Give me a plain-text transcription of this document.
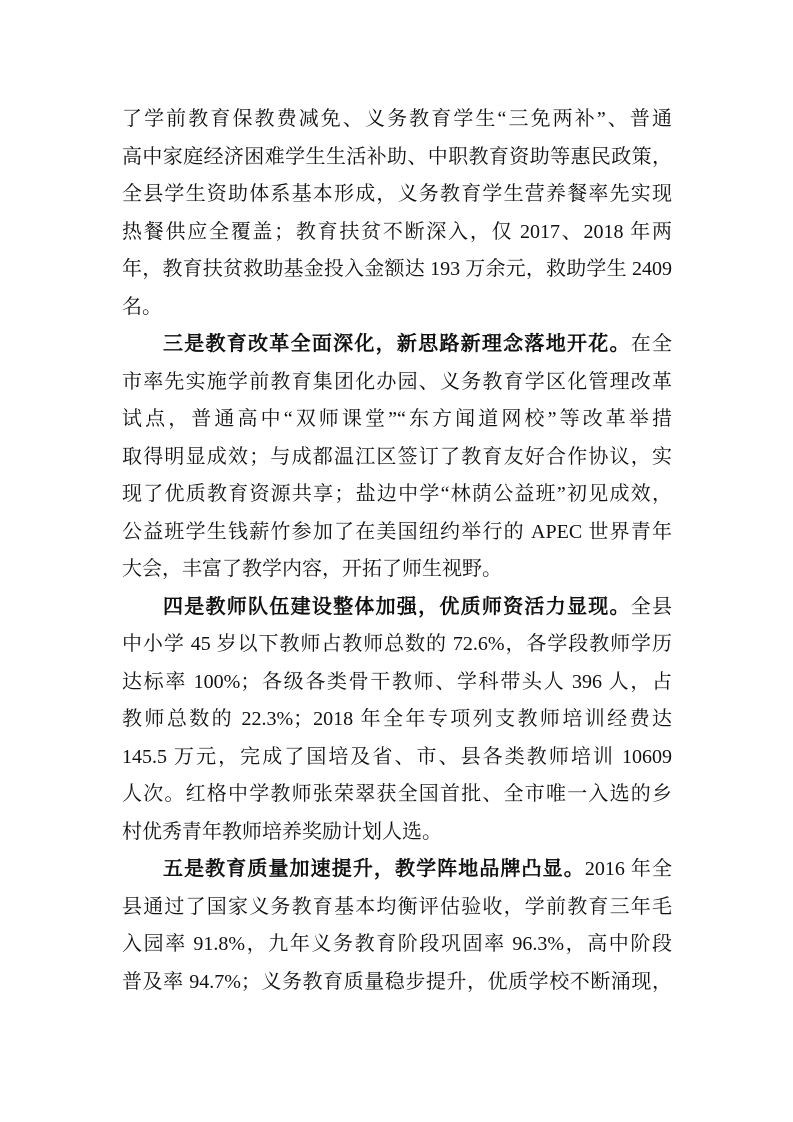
了学前教育保教费减免、义务教育学生“三免两补”、普通
高中家庭经济困难学生生活补助、中职教育资助等惠民政策，
全县学生资助体系基本形成，义务教育学生营养餐率先实现
热餐供应全覆盖；教育扶贫不断深入，仅 2017、2018 年两
年，教育扶贫救助基金投入金额达 193 万余元，救助学生 2409
名。
三是教育改革全面深化，新思路新理念落地开花。在全
市率先实施学前教育集团化办园、义务教育学区化管理改革
试点，普通高中“双师课堂”“东方闻道网校”等改革举措
取得明显成效；与成都温江区签订了教育友好合作协议，实
现了优质教育资源共享；盐边中学“林荫公益班”初见成效，
公益班学生钱薪竹参加了在美国纽约举行的 APEC 世界青年
大会，丰富了教学内容，开拓了师生视野。
四是教师队伍建设整体加强，优质师资活力显现。全县
中小学 45 岁以下教师占教师总数的 72.6%，各学段教师学历
达标率 100%；各级各类骨干教师、学科带头人 396 人，占
教师总数的 22.3%；2018 年全年专项列支教师培训经费达
145.5 万元，完成了国培及省、市、县各类教师培训 10609
人次。红格中学教师张荣翠获全国首批、全市唯一入选的乡
村优秀青年教师培养奖励计划人选。
五是教育质量加速提升，教学阵地品牌凸显。2016 年全
县通过了国家义务教育基本均衡评估验收，学前教育三年毛
入园率 91.8%，九年义务教育阶段巩固率 96.3%，高中阶段
普及率 94.7%；义务教育质量稳步提升，优质学校不断涌现，
